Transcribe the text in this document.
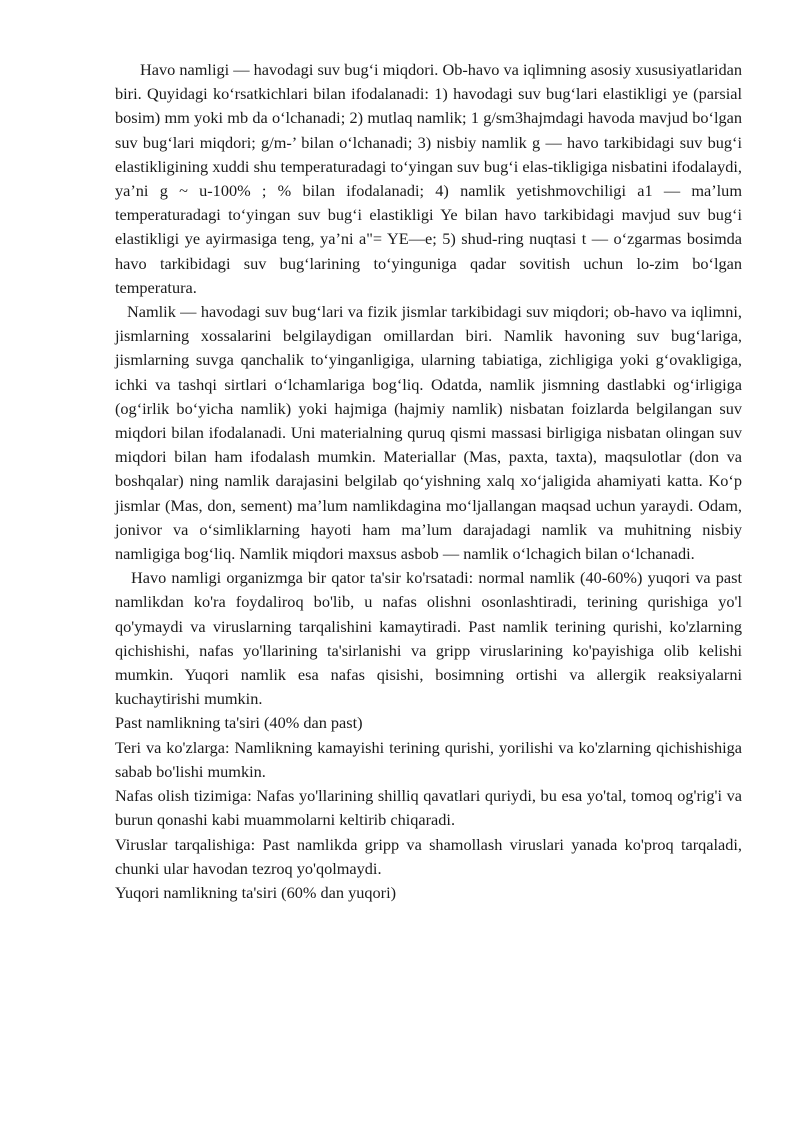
Havo namligi — havodagi suv bug‘i miqdori. Ob-havo va iqlimning asosiy xususiyatlaridan biri. Quyidagi ko‘rsatkichlari bilan ifodalanadi: 1) havodagi suv bug‘lari elastikligi ye (parsial bosim) mm yoki mb da o‘lchanadi; 2) mutlaq namlik; 1 g/sm3hajmdagi havoda mavjud bo‘lgan suv bug‘lari miqdori; g/m-’ bilan o‘lchanadi; 3) nisbiy namlik g — havo tarkibidagi suv bug‘i elastikligining xuddi shu temperaturadagi to‘yingan suv bug‘i elas-tikligiga nisbatini ifodalaydi, ya’ni g ~ u-100% ; % bilan ifodalanadi; 4) namlik yetishmovchiligi a1 — ma’lum temperaturadagi to‘yingan suv bug‘i elastikligi Ye bilan havo tarkibidagi mavjud suv bug‘i elastikligi ye ayirmasiga teng, ya’ni a"= YE—e; 5) shud-ring nuqtasi t — o‘zgarmas bosimda havo tarkibidagi suv bug‘larining to‘yinguniga qadar sovitish uchun lo-zim bo‘lgan temperatura.

Namlik — havodagi suv bug‘lari va fizik jismlar tarkibidagi suv miqdori; ob-havo va iqlimni, jismlarning xossalarini belgilaydigan omillardan biri. Namlik havoning suv bug‘lariga, jismlarning suvga qanchalik to‘yinganligiga, ularning tabiatiga, zichligiga yoki g‘ovakligiga, ichki va tashqi sirtlari o‘lchamlariga bog‘liq. Odatda, namlik jismning dastlabki og‘irligiga (og‘irlik bo‘yicha namlik) yoki hajmiga (hajmiy namlik) nisbatan foizlarda belgilangan suv miqdori bilan ifodalanadi. Uni materialning quruq qismi massasi birligiga nisbatan olingan suv miqdori bilan ham ifodalash mumkin. Materiallar (Mas, paxta, taxta), maqsulotlar (don va boshqalar) ning namlik darajasini belgilab qo‘yishning xalq xo‘jaligida ahamiyati katta. Ko‘p jismlar (Mas, don, sement) ma’lum namlikdagina mo‘ljallangan maqsad uchun yaraydi. Odam, jonivor va o‘simliklarning hayoti ham ma’lum darajadagi namlik va muhitning nisbiy namligiga bog‘liq. Namlik miqdori maxsus asbob — namlik o‘lchagich bilan o‘lchanadi.

Havo namligi organizmga bir qator ta'sir ko'rsatadi: normal namlik (40-60%) yuqori va past namlikdan ko'ra foydaliroq bo'lib, u nafas olishni osonlashtiradi, terining qurishiga yo'l qo'ymaydi va viruslarning tarqalishini kamaytiradi. Past namlik terining qurishi, ko'zlarning qichishishi, nafas yo'llarining ta'sirlanishi va gripp viruslarining ko'payishiga olib kelishi mumkin. Yuqori namlik esa nafas qisishi, bosimning ortishi va allergik reaksiyalarni kuchaytirishi mumkin.

Past namlikning ta'siri (40% dan past)

Teri va ko'zlarga: Namlikning kamayishi terining qurishi, yorilishi va ko'zlarning qichishishiga sabab bo'lishi mumkin.

Nafas olish tizimiga: Nafas yo'llarining shilliq qavatlari quriydi, bu esa yo'tal, tomoq og'rig'i va burun qonashi kabi muammolarni keltirib chiqaradi.

Viruslar tarqalishiga: Past namlikda gripp va shamollash viruslari yanada ko'proq tarqaladi, chunki ular havodan tezroq yo'qolmaydi.

Yuqori namlikning ta'siri (60% dan yuqori)
